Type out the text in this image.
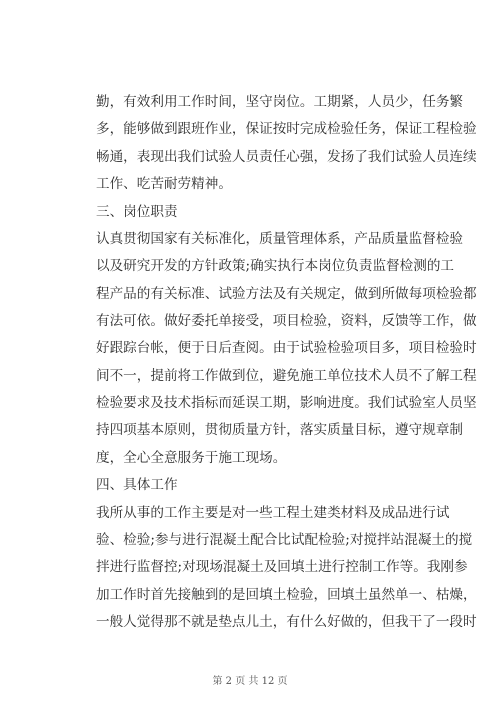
勤，有效利用工作时间，坚守岗位。工期紧，人员少，任务繁
多，能够做到跟班作业，保证按时完成检验任务，保证工程检验
畅通，表现出我们试验人员责任心强，发扬了我们试验人员连续
工作、吃苦耐劳精神。
三、岗位职责
认真贯彻国家有关标准化，质量管理体系，产品质量监督检验
以及研究开发的方针政策;确实执行本岗位负责监督检测的工
程产品的有关标准、试验方法及有关规定，做到所做每项检验都
有法可依。做好委托单接受，项目检验，资料，反馈等工作，做
好跟踪台帐，便于日后查阅。由于试验检验项目多，项目检验时
间不一，提前将工作做到位，避免施工单位技术人员不了解工程
检验要求及技术指标而延误工期，影响进度。我们试验室人员坚
持四项基本原则，贯彻质量方针，落实质量目标，遵守规章制
度，全心全意服务于施工现场。
四、具体工作
我所从事的工作主要是对一些工程土建类材料及成品进行试
验、检验;参与进行混凝土配合比试配检验;对搅拌站混凝土的搅
拌进行监督控;对现场混凝土及回填土进行控制工作等。我刚参
第 2 页 共 12 页
加工作时首先接触到的是回填土检验，回填土虽然单一、枯燥，
一般人觉得那不就是垫点儿土，有什么好做的，但我干了一段时
